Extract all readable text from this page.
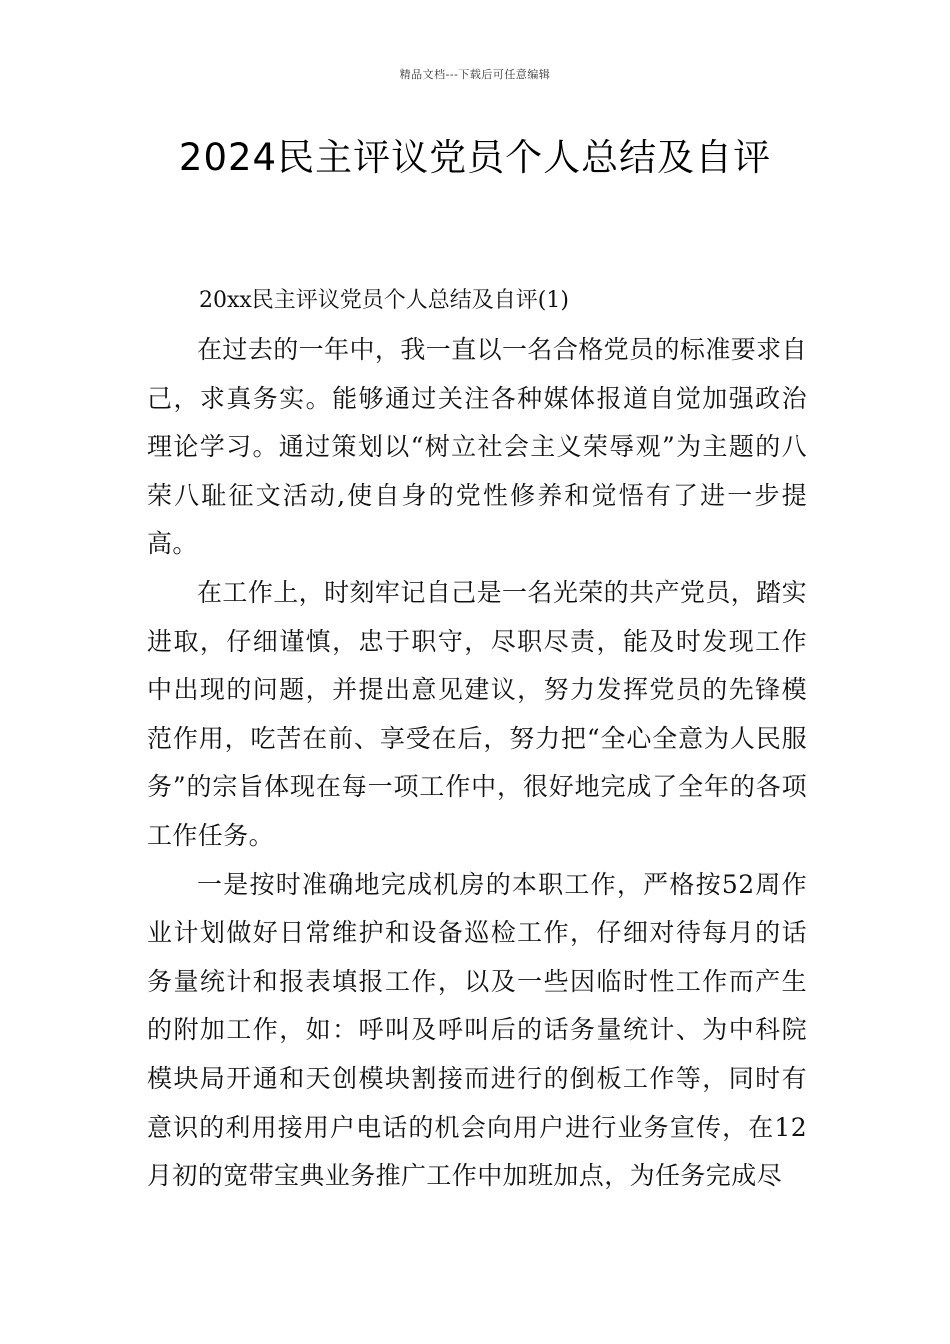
精品文档---下载后可任意编辑
2024民主评议党员个人总结及自评

20xx民主评议党员个人总结及自评(1)

在过去的一年中，我一直以一名合格党员的标准要求自己，求真务实。能够通过关注各种媒体报道自觉加强政治理论学习。通过策划以“树立社会主义荣辱观”为主题的八荣八耻征文活动,使自身的党性修养和觉悟有了进一步提高。

在工作上，时刻牢记自己是一名光荣的共产党员，踏实进取，仔细谨慎，忠于职守，尽职尽责，能及时发现工作中出现的问题，并提出意见建议，努力发挥党员的先锋模范作用，吃苦在前、享受在后，努力把“全心全意为人民服务”的宗旨体现在每一项工作中，很好地完成了全年的各项工作任务。

一是按时准确地完成机房的本职工作，严格按52周作业计划做好日常维护和设备巡检工作，仔细对待每月的话务量统计和报表填报工作，以及一些因临时性工作而产生的附加工作，如：呼叫及呼叫后的话务量统计、为中科院模块局开通和天创模块割接而进行的倒板工作等，同时有意识的利用接用户电话的机会向用户进行业务宣传，在12月初的宽带宝典业务推广工作中加班加点，为任务完成尽
